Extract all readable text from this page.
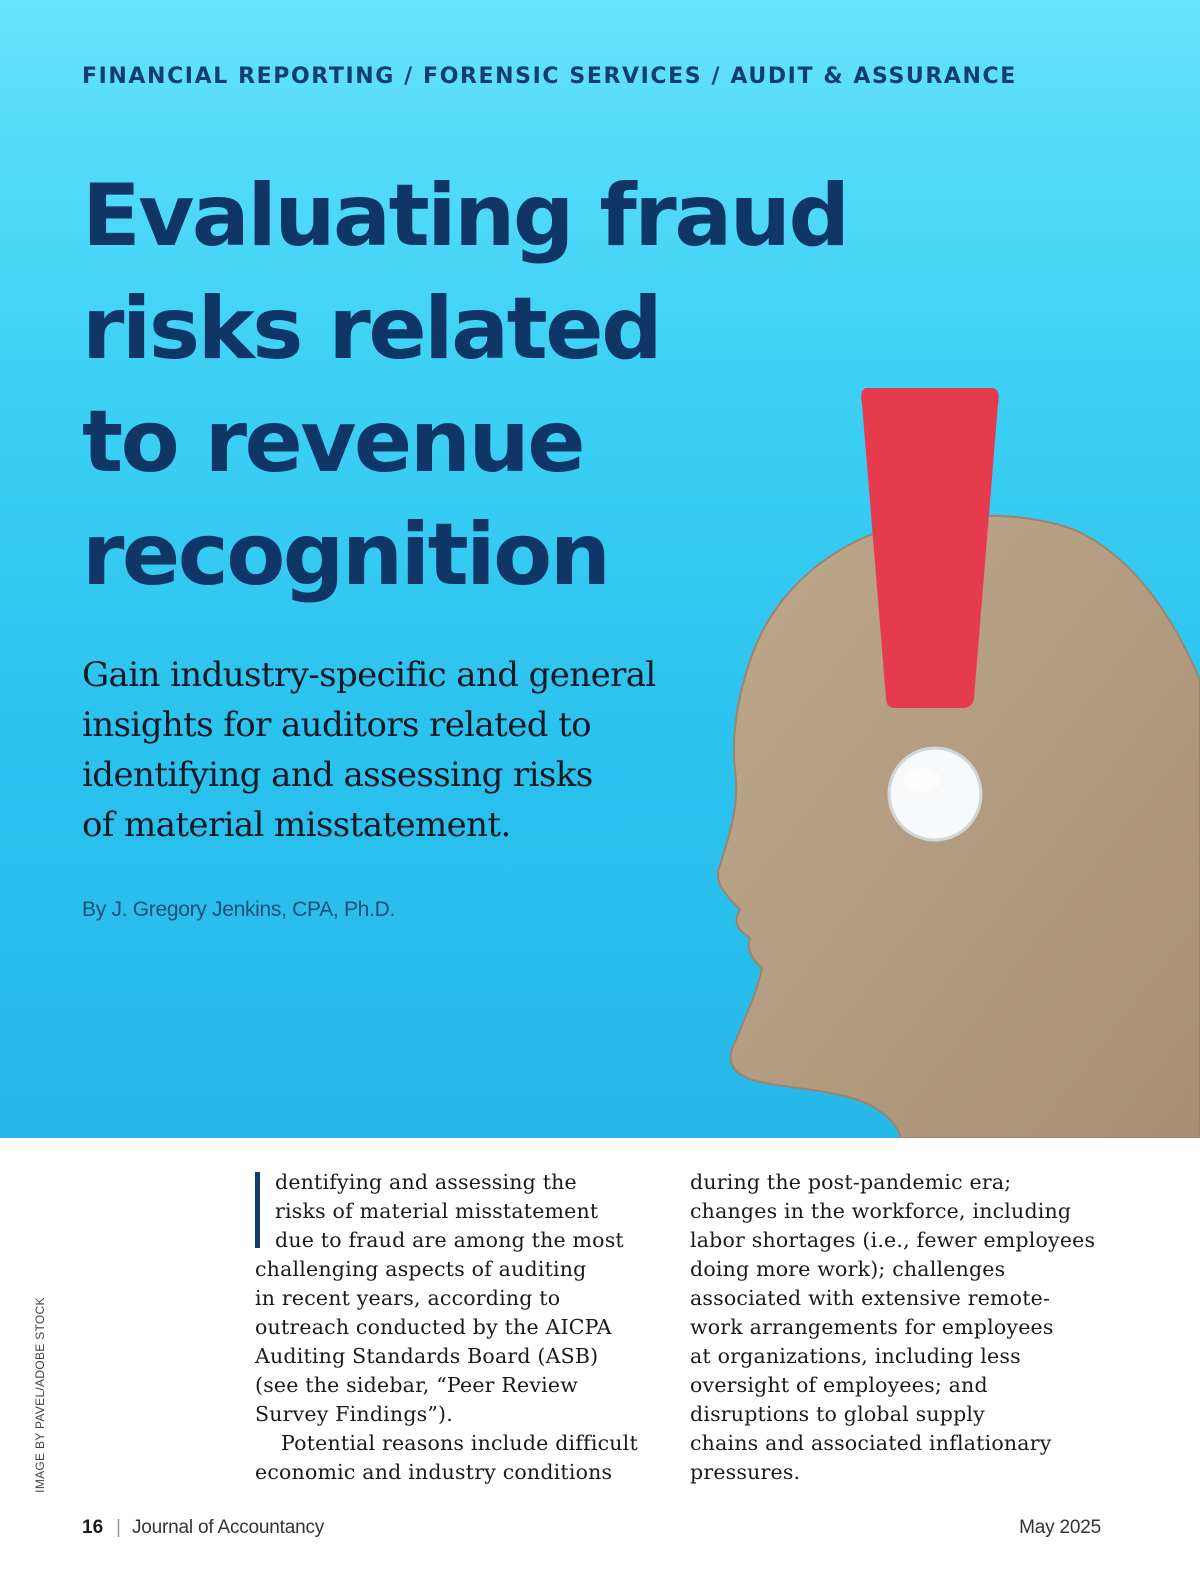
FINANCIAL REPORTING / FORENSIC SERVICES / AUDIT & ASSURANCE

Evaluating fraud
risks related
to revenue
recognition

Gain industry-specific and general
insights for auditors related to
identifying and assessing risks
of material misstatement.

By J. Gregory Jenkins, CPA, Ph.D.

IMAGE BY PAVEL/ADOBE STOCK
dentifying and assessing the
risks of material misstatement
due to fraud are among the most
challenging aspects of auditing
in recent years, according to
outreach conducted by the AICPA
Auditing Standards Board (ASB)
(see the sidebar, “Peer Review
Survey Findings”).
Potential reasons include difficult
economic and industry conditions
during the post-pandemic era;
changes in the workforce, including
labor shortages (i.e., fewer employees
doing more work); challenges
associated with extensive remote-
work arrangements for employees
at organizations, including less
oversight of employees; and
disruptions to global supply
chains and associated inflationary
pressures.
16 | Journal of Accountancy	May 2025
